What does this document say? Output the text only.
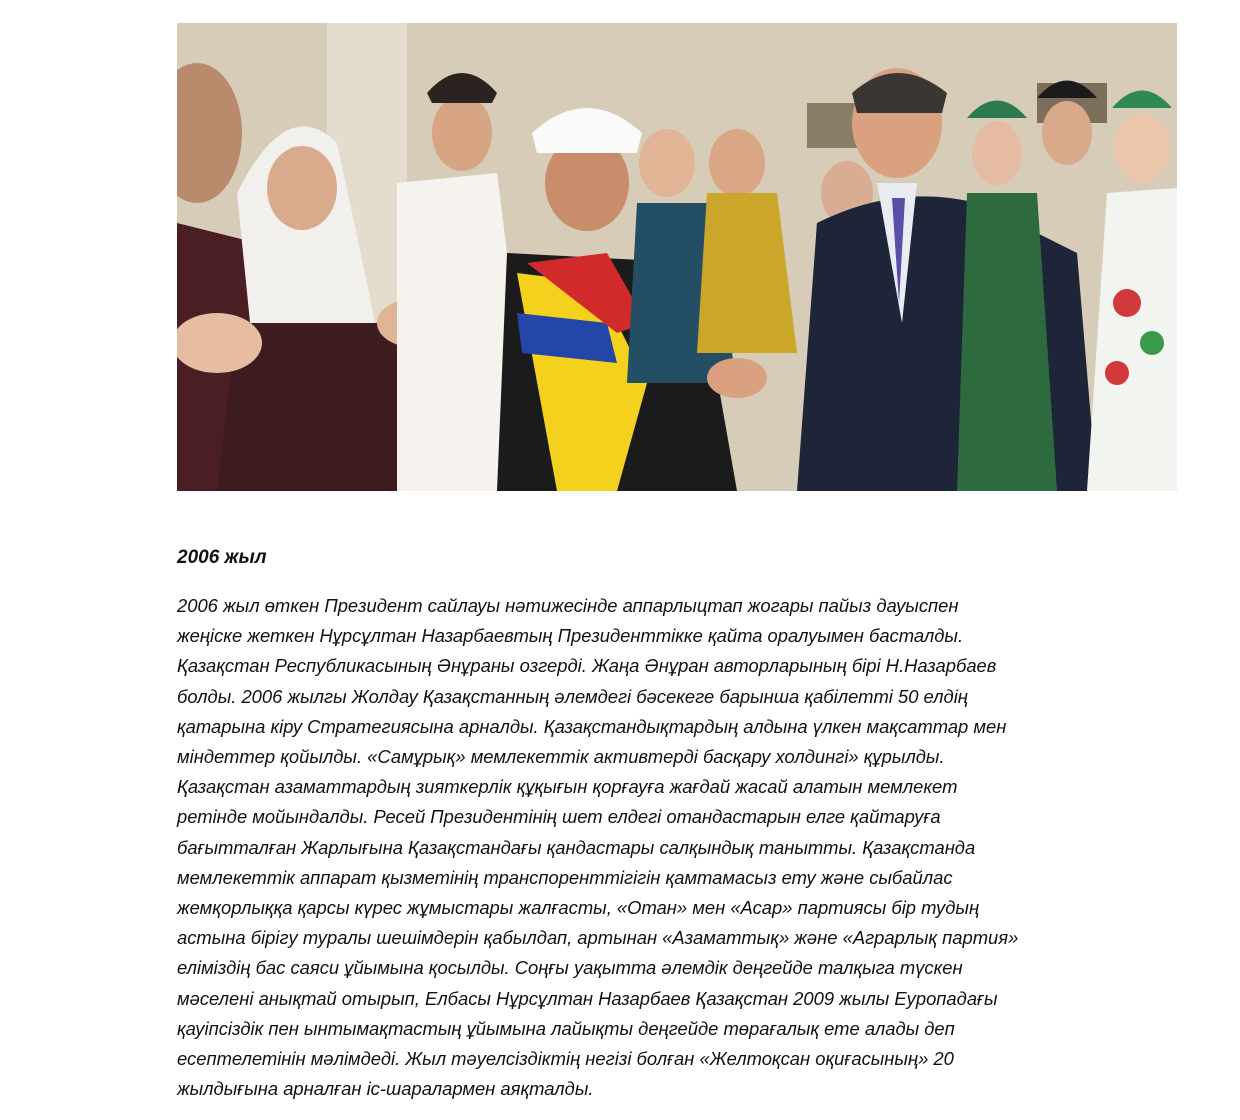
2006 жыл

2006 жыл өткен Президент сайлауы нәтижесінде аппарлыцтап жогары пайыз дауыспен
жеңіске жеткен Нұрсұлтан Назарбаевтың Президенттікке қайта оралуымен басталды.
Қазақстан Республикасының Әнұраны озгерді. Жаңа Әнұран авторларының бірі Н.Назарбаев
болды. 2006 жылгы Жолдау Қазақстанның әлемдегі бәсекеге барынша қабілетті 50 елдің
қатарына кіру Стратегиясына арналды. Қазақстандықтардың алдына үлкен мақсаттар мен
міндеттер қойылды. «Самұрық» мемлекеттік активтерді басқару холдингі» құрылды.
Қазақстан азаматтардың зияткерлік құқығын қорғауға жағдай жасай алатын мемлекет
ретінде мойындалды. Ресей Президентінің шет елдегі отандастарын елге қайтаруға
бағытталған Жарлығына Қазақстандағы қандастары салқындық танытты. Қазақстанда
мемлекеттік аппарат қызметінің транспоренттігігін қамтамасыз ету және сыбайлас
жемқорлыққа қарсы күрес жұмыстары жалғасты, «Отан» мен «Асар» партиясы бір тудың
астына бірігу туралы шешімдерін қабылдап, артынан «Азаматтық» және «Аграрлық партия»
еліміздің бас саяси ұйымына қосылды. Соңғы уақытта әлемдік деңгейде талқыга түскен
мәселені анықтай отырып, Елбасы Нұрсұлтан Назарбаев Қазақстан 2009 жылы Еуропадағы
қауіпсіздік пен ынтымақтастың ұйымына лайықты деңгейде төрағалық ете алады деп
есептелетінін мәлімдеді. Жыл тәуелсіздіктің негізі болған «Желтоқсан оқиғасының» 20
жылдығына арналған іс-шаралармен аяқталды.
